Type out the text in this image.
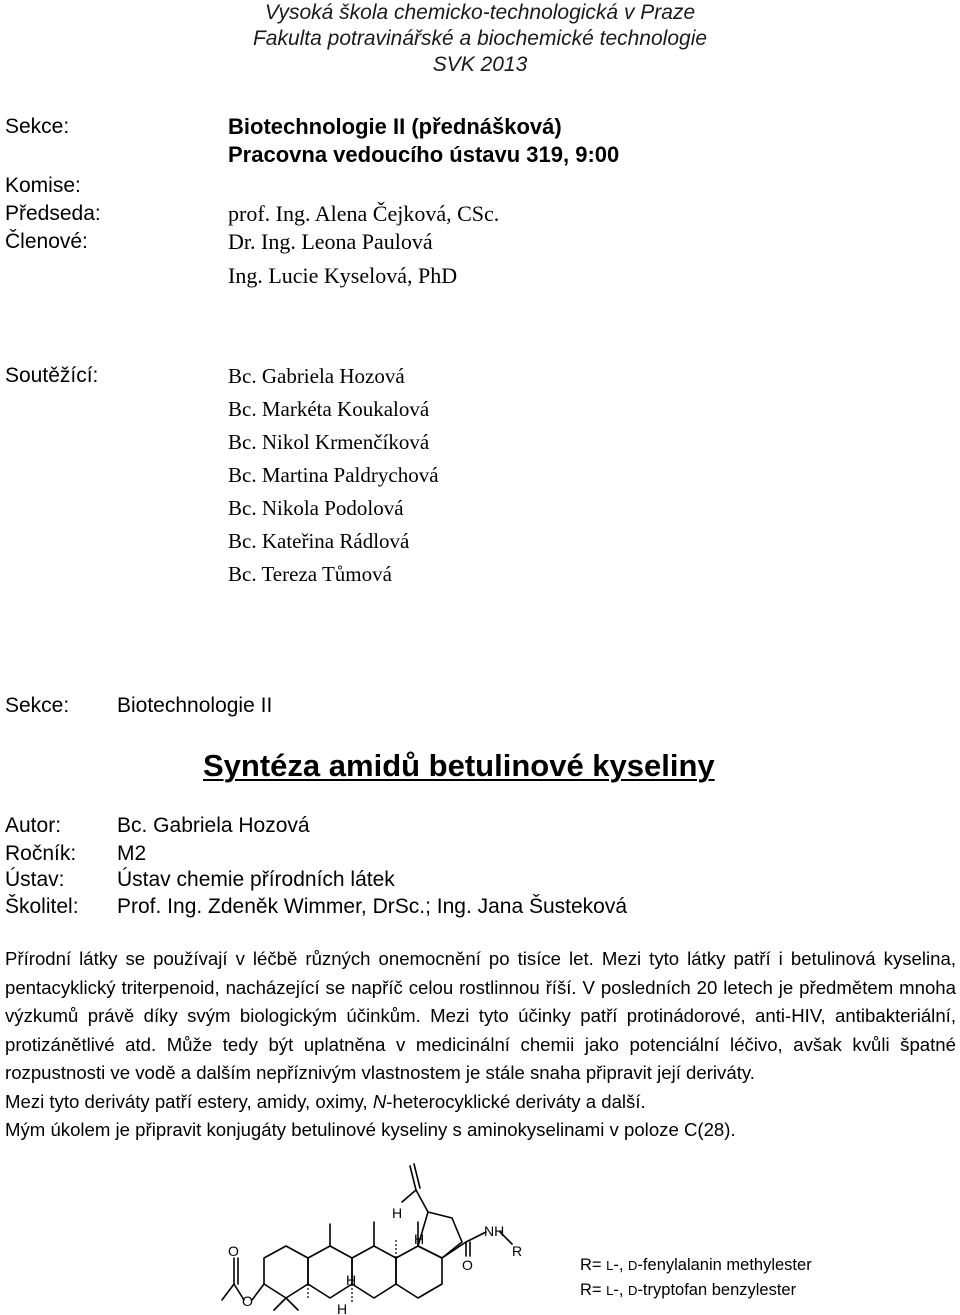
Vysoká škola chemicko-technologická v Praze
Fakulta potravinářské a biochemické technologie
SVK 2013
Sekce:	Biotechnologie II (přednášková)
Pracovna vedoucího ústavu 319, 9:00
Komise:
Předseda:	prof. Ing. Alena Čejková, CSc.
Členové:	Dr. Ing. Leona Paulová
Ing. Lucie Kyselová, PhD
Soutěžící:	Bc. Gabriela Hozová
Bc. Markéta Koukalová
Bc. Nikol Krmenčíková
Bc. Martina Paldrychová
Bc. Nikola Podolová
Bc. Kateřina Rádlová
Bc. Tereza Tůmová
Sekce: Biotechnologie II
Syntéza amidů betulinové kyseliny
Autor:	Bc. Gabriela Hozová
Ročník: M2
Ústav: Ústav chemie přírodních látek
Školitel: Prof. Ing. Zdeněk Wimmer, DrSc.; Ing. Jana Šusteková

Přírodní látky se používají v léčbě různých onemocnění po tisíce let. Mezi tyto látky patří i betulinová kyselina, pentacyklický triterpenoid, nacházející se napříč celou rostlinnou říší. V posledních 20 letech je předmětem mnoha výzkumů právě díky svým biologickým účinkům. Mezi tyto účinky patří protinádorové, anti-HIV, antibakteriální, protizánětlivé atd. Může tedy být uplatněna v medicinální chemii jako potenciální léčivo, avšak kvůli špatné rozpustnosti ve vodě a dalším nepříznivým vlastnostem je stále snaha připravit její deriváty.

Mezi tyto deriváty patří estery, amidy, oximy, N-heterocyklické deriváty a další.

Mým úkolem je připravit konjugáty betulinové kyseliny s aminokyselinami v poloze C(28).

O
O
O
NH
R
H
H
H
H
R= L-, D-fenylalanin methylester
R= L-, D-tryptofan benzylester
